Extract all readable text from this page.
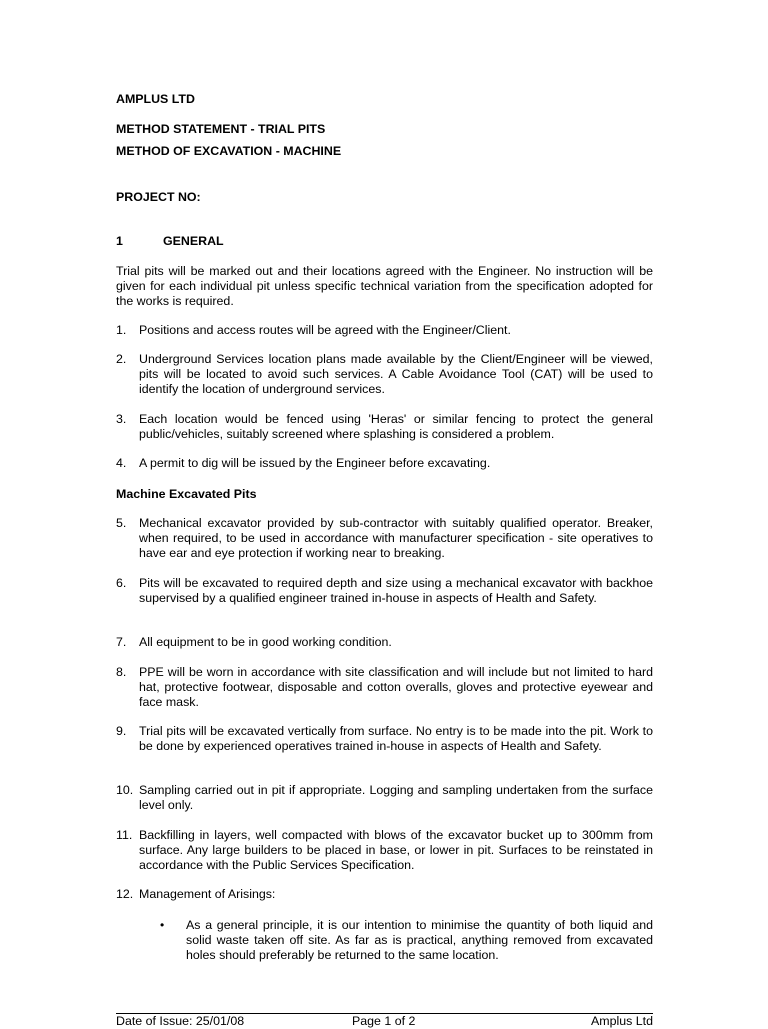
AMPLUS LTD
METHOD STATEMENT - TRIAL PITS
METHOD OF EXCAVATION - MACHINE
PROJECT NO:
1	GENERAL
Trial pits will be marked out and their locations agreed with the Engineer. No instruction will be given for each individual pit unless specific technical variation from the specification adopted for the works is required.
1.	Positions and access routes will be agreed with the Engineer/Client.
2.	Underground Services location plans made available by the Client/Engineer will be viewed, pits will be located to avoid such services. A Cable Avoidance Tool (CAT) will be used to identify the location of underground services.
3.	Each location would be fenced using 'Heras' or similar fencing to protect the general public/vehicles, suitably screened where splashing is considered a problem.
4.	A permit to dig will be issued by the Engineer before excavating.
Machine Excavated Pits
5.	Mechanical excavator provided by sub-contractor with suitably qualified operator. Breaker, when required, to be used in accordance with manufacturer specification - site operatives to have ear and eye protection if working near to breaking.
6.	Pits will be excavated to required depth and size using a mechanical excavator with backhoe supervised by a qualified engineer trained in-house in aspects of Health and Safety.
7.	All equipment to be in good working condition.
8.	PPE will be worn in accordance with site classification and will include but not limited to hard hat, protective footwear, disposable and cotton overalls, gloves and protective eyewear and face mask.
9.	Trial pits will be excavated vertically from surface. No entry is to be made into the pit. Work to be done by experienced operatives trained in-house in aspects of Health and Safety.
10. Sampling carried out in pit if appropriate. Logging and sampling undertaken from the surface level only.
11. Backfilling in layers, well compacted with blows of the excavator bucket up to 300mm from surface. Any large builders to be placed in base, or lower in pit. Surfaces to be reinstated in accordance with the Public Services Specification.
12. Management of Arisings:
• As a general principle, it is our intention to minimise the quantity of both liquid and solid waste taken off site. As far as is practical, anything removed from excavated holes should preferably be returned to the same location.
Date of Issue: 25/01/08	Page 1 of 2	Amplus Ltd
